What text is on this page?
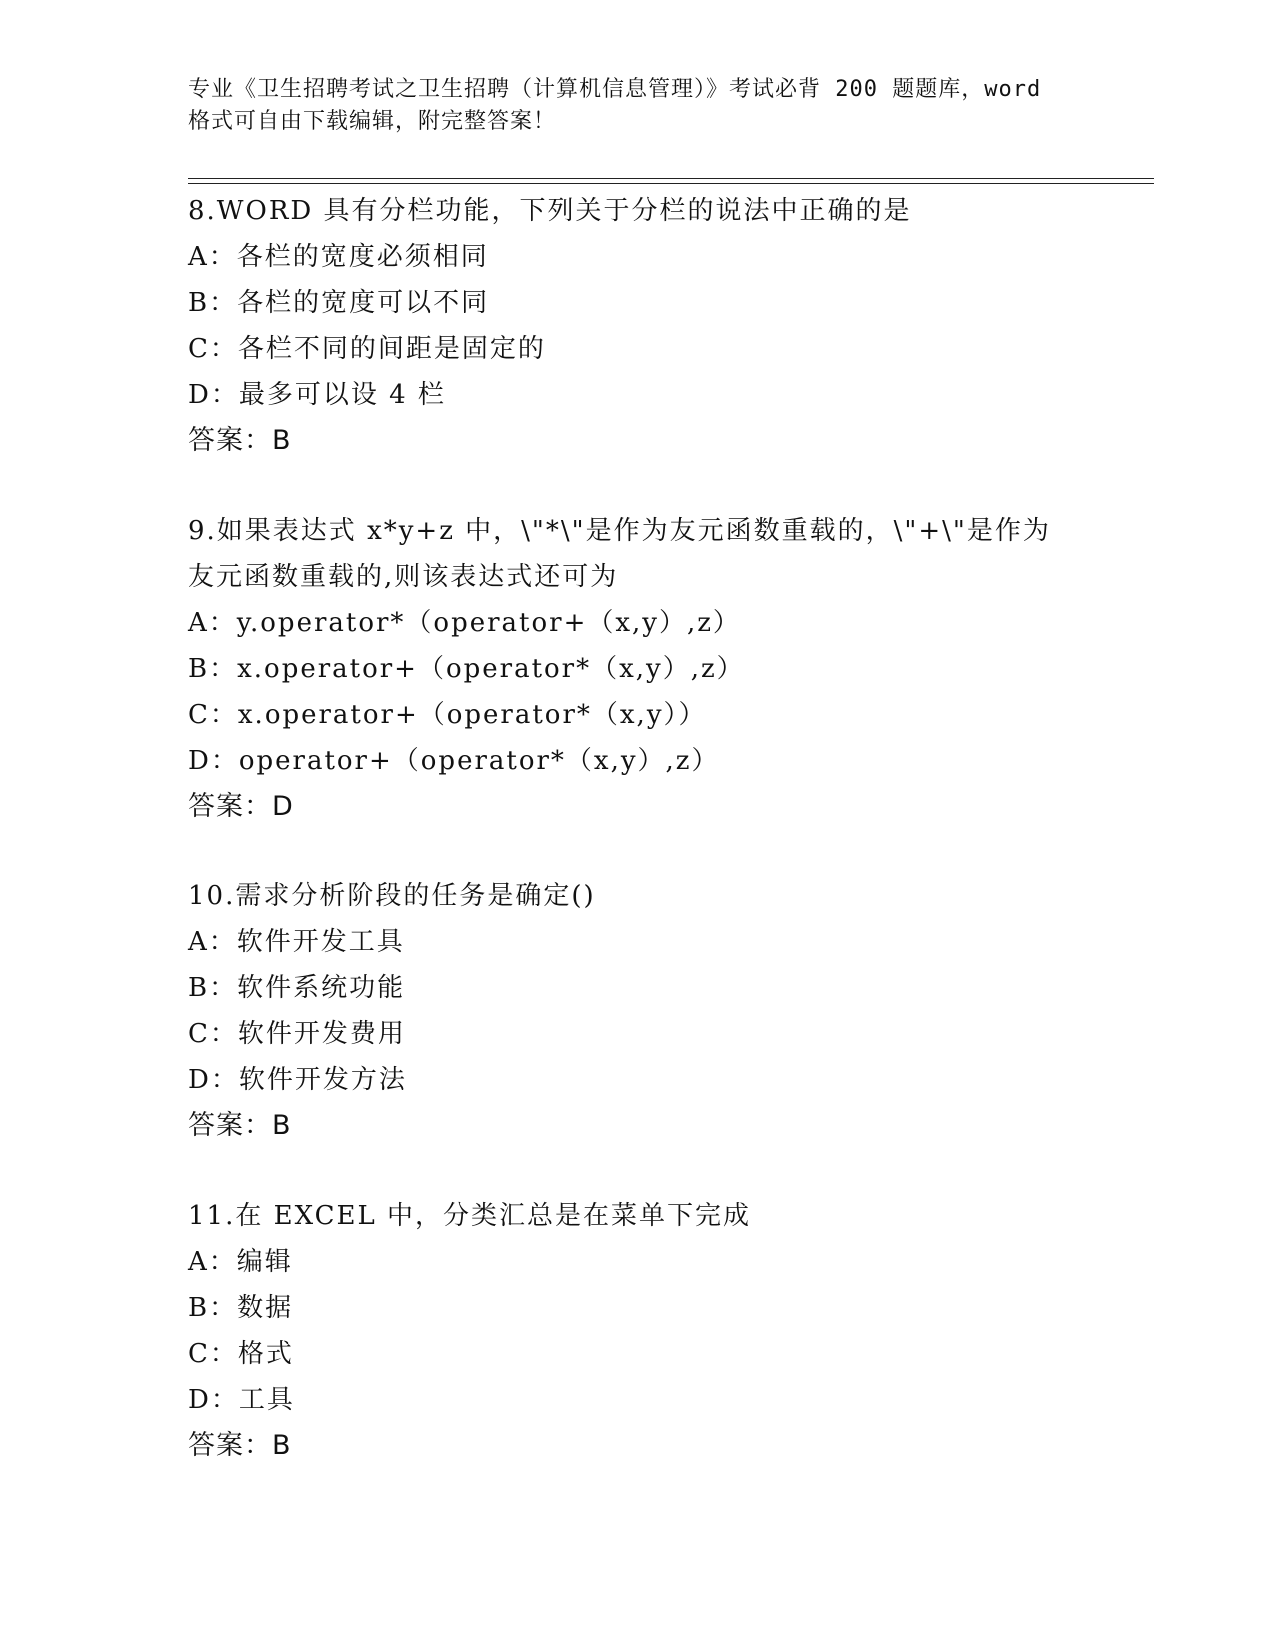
专业《卫生招聘考试之卫生招聘（计算机信息管理）》考试必背 200 题题库，word
格式可自由下载编辑，附完整答案！
8.WORD 具有分栏功能，下列关于分栏的说法中正确的是
A：各栏的宽度必须相同
B：各栏的宽度可以不同
C：各栏不同的间距是固定的
D：最多可以设 4 栏
答案：B
9.如果表达式 x*y+z 中，\"*\"是作为友元函数重载的，\"+\"是作为
友元函数重载的,则该表达式还可为
A：y.operator*（operator+（x,y）,z）
B：x.operator+（operator*（x,y）,z）
C：x.operator+（operator*（x,y））
D：operator+（operator*（x,y）,z）
答案：D
10.需求分析阶段的任务是确定()
A：软件开发工具
B：软件系统功能
C：软件开发费用
D：软件开发方法
答案：B
11.在 EXCEL 中，分类汇总是在菜单下完成
A：编辑
B：数据
C：格式
D：工具
答案：B
